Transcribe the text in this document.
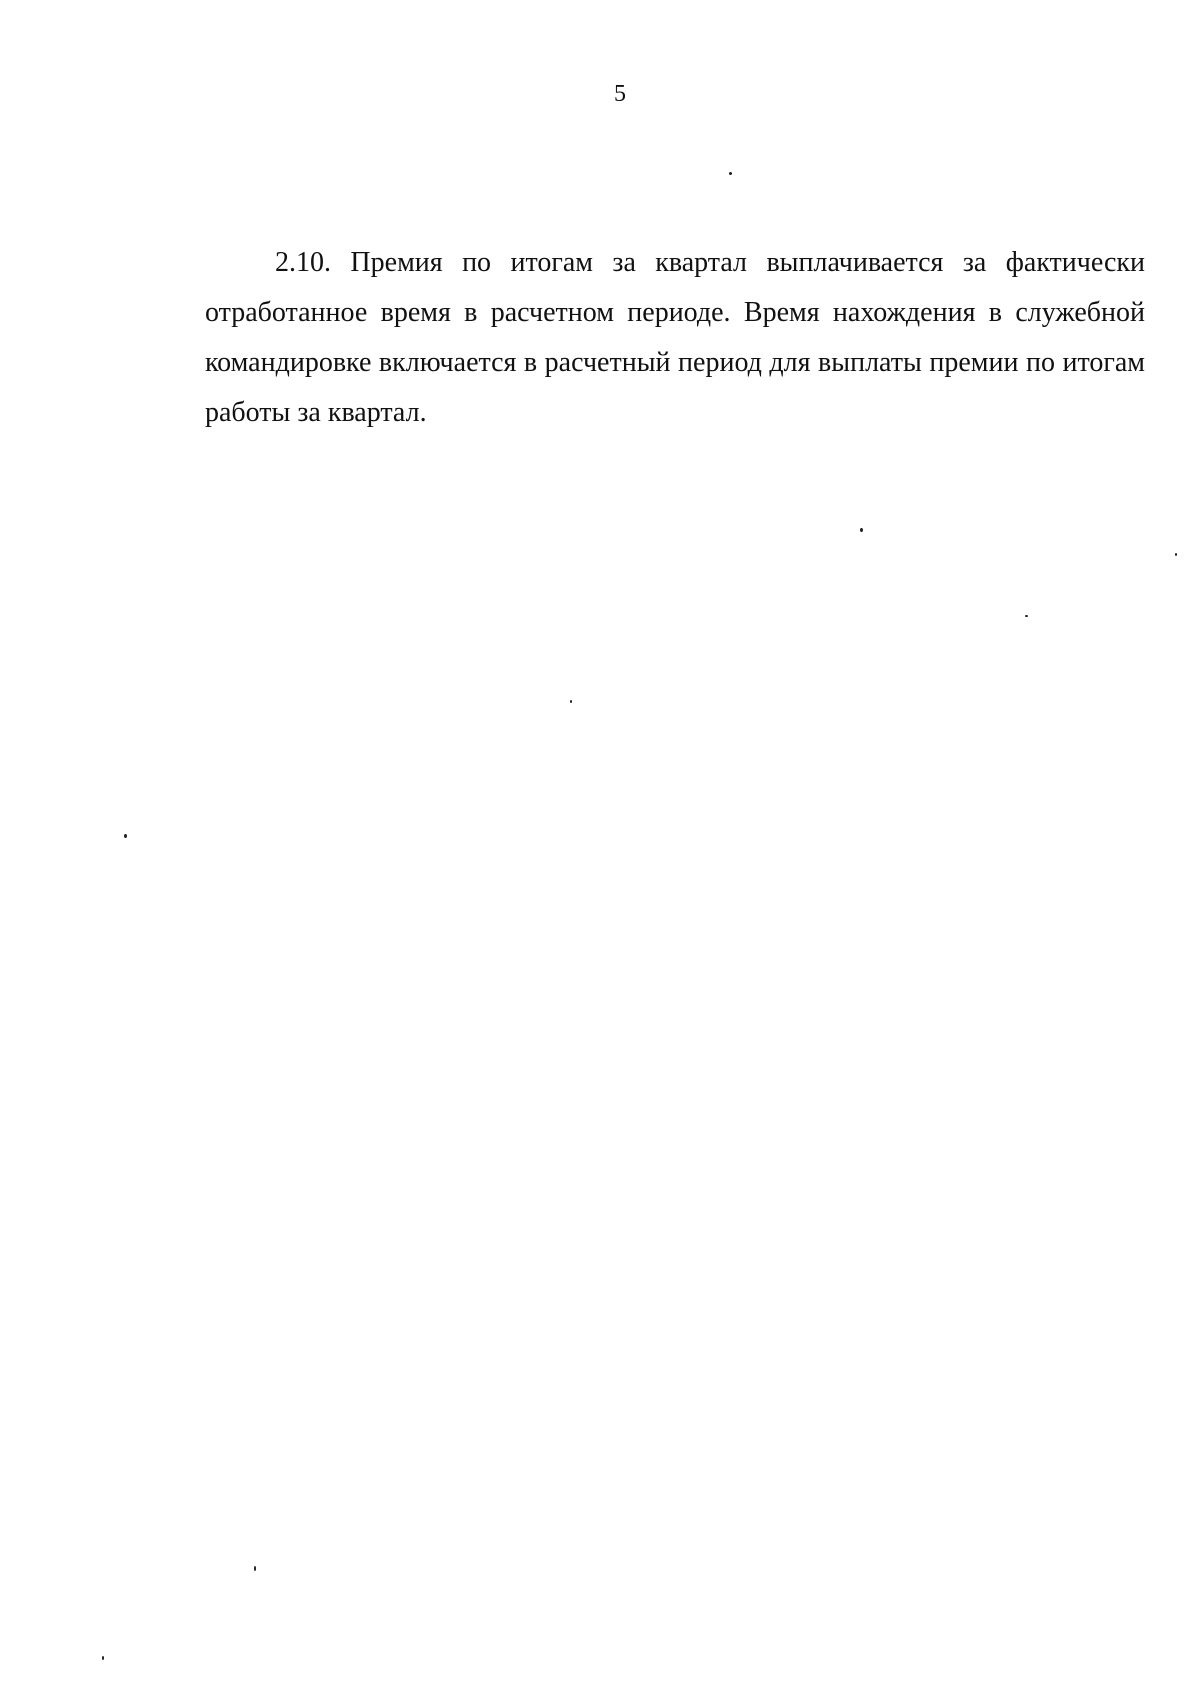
5

2.10. Премия по итогам за квартал выплачивается за фактически отработанное время в расчетном периоде. Время нахождения в служебной командировке включается в расчетный период для выплаты премии по итогам работы за квартал.
